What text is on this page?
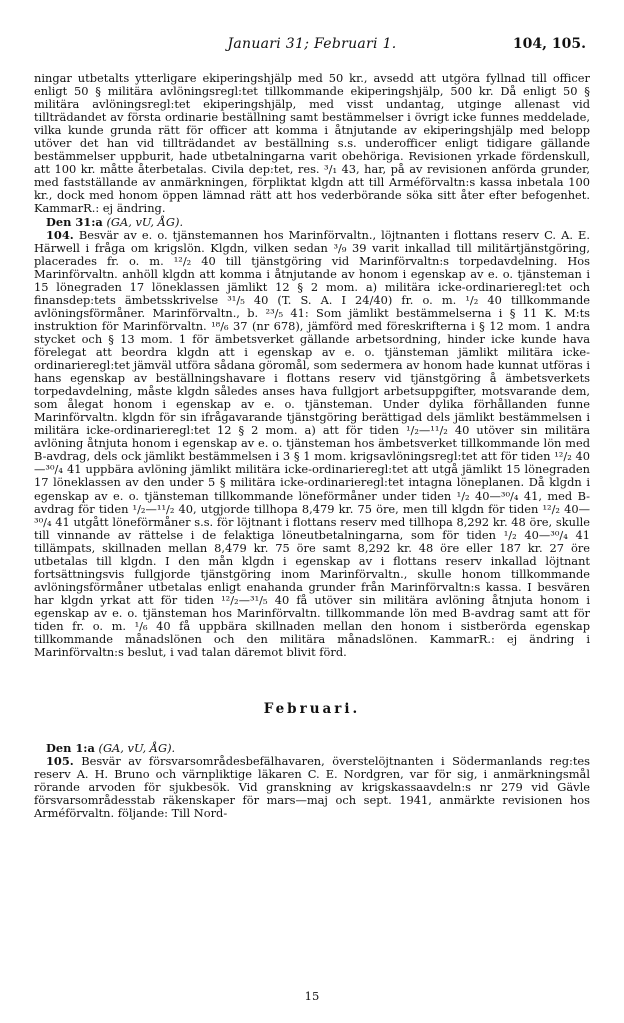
Januari 31; Februari 1.	104, 105.

ningar utbetalts ytterligare ekiperingshjälp med 50 kr., avsedd att utgöra fyllnad till officer enligt 50 § militära avlöningsregl:tet tillkommande ekiperingshjälp, 500 kr. Då enligt 50 § militära avlöningsregl:tet ekiperingshjälp, med visst undantag, utginge allenast vid tillträdandet av första ordinarie beställning samt bestämmelser i övrigt icke funnes meddelade, vilka kunde grunda rätt för officer att komma i åtnjutande av ekiperingshjälp med belopp utöver det han vid tillträdandet av beställning s.s. underofficer enligt tidigare gällande bestämmelser uppburit, hade utbetalningarna varit obehöriga. Revisionen yrkade fördenskull, att 100 kr. måtte återbetalas. Civila dep:tet, res. ³/₁ 43, har, på av revisionen anförda grunder, med fastställande av anmärkningen, förpliktat klgdn att till Arméförvaltn:s kassa inbetala 100 kr., dock med honom öppen lämnad rätt att hos vederbörande söka sitt åter efter befogenhet. KammarR.: ej ändring.

Den 31:a (GA, vU, ÅG).

104. Besvär av e. o. tjänstemannen hos Marinförvaltn., löjtnanten i flottans reserv C. A. E. Härwell i fråga om krigslön. Klgdn, vilken sedan ³/₉ 39 varit inkallad till militärtjänstgöring, placerades fr. o. m. ¹²/₂ 40 till tjänstgöring vid Marinförvaltn:s torpedavdelning. Hos Marinförvaltn. anhöll klgdn att komma i åtnjutande av honom i egenskap av e. o. tjänsteman i 15 lönegraden 17 löneklassen jämlikt 12 § 2 mom. a) militära icke-ordinarieregl:tet och finansdep:tets ämbetsskrivelse ³¹/₅ 40 (T. S. A. I 24/40) fr. o. m. ¹/₂ 40 tillkommande avlöningsförmåner. Marinförvaltn., b. ²³/₅ 41: Som jämlikt bestämmelserna i § 11 K. M:ts instruktion för Marinförvaltn. ¹⁸/₆ 37 (nr 678), jämförd med föreskrifterna i § 12 mom. 1 andra stycket och § 13 mom. 1 för ämbetsverket gällande arbetsordning, hinder icke kunde hava förelegat att beordra klgdn att i egenskap av e. o. tjänsteman jämlikt militära icke-ordinarieregl:tet jämväl utföra sådana göromål, som sedermera av honom hade kunnat utföras i hans egenskap av beställningshavare i flottans reserv vid tjänstgöring å ämbetsverkets torpedavdelning, måste klgdn således anses hava fullgjort arbetsuppgifter, motsvarande dem, som ålegat honom i egenskap av e. o. tjänsteman. Under dylika förhållanden funne Marinförvaltn. klgdn för sin ifrågavarande tjänstgöring berättigad dels jämlikt bestämmelsen i militära icke-ordinarieregl:tet 12 § 2 mom. a) att för tiden ¹/₂—¹¹/₂ 40 utöver sin militära avlöning åtnjuta honom i egenskap av e. o. tjänsteman hos ämbetsverket tillkommande lön med B-avdrag, dels ock jämlikt bestämmelsen i 3 § 1 mom. krigsavlöningsregl:tet att för tiden ¹²/₂ 40—³⁰/₄ 41 uppbära avlöning jämlikt militära icke-ordinarieregl:tet att utgå jämlikt 15 lönegraden 17 löneklassen av den under 5 § militära icke-ordinarieregl:tet intagna löneplanen. Då klgdn i egenskap av e. o. tjänsteman tillkommande löneförmåner under tiden ¹/₂ 40—³⁰/₄ 41, med B-avdrag för tiden ¹/₂—¹¹/₂ 40, utgjorde tillhopa 8,479 kr. 75 öre, men till klgdn för tiden ¹²/₂ 40—³⁰/₄ 41 utgått löneförmåner s.s. för löjtnant i flottans reserv med tillhopa 8,292 kr. 48 öre, skulle till vinnande av rättelse i de felaktiga löneutbetalningarna, som för tiden ¹/₂ 40—³⁰/₄ 41 tillämpats, skillnaden mellan 8,479 kr. 75 öre samt 8,292 kr. 48 öre eller 187 kr. 27 öre utbetalas till klgdn. I den mån klgdn i egenskap av i flottans reserv inkallad löjtnant fortsättningsvis fullgjorde tjänstgöring inom Marinförvaltn., skulle honom tillkommande avlöningsförmåner utbetalas enligt enahanda grunder från Marinförvaltn:s kassa. I besvären har klgdn yrkat att för tiden ¹²/₂—³¹/₅ 40 få utöver sin militära avlöning åtnjuta honom i egenskap av e. o. tjänsteman hos Marinförvaltn. tillkommande lön med B-avdrag samt att för tiden fr. o. m. ¹/₆ 40 få uppbära skillnaden mellan den honom i sistberörda egenskap tillkommande månadslönen och den militära månadslönen. KammarR.: ej ändring i Marinförvaltn:s beslut, i vad talan däremot blivit förd.

Februari.

Den 1:a (GA, vU, ÅG).

105. Besvär av försvarsområdesbefälhavaren, överstelöjtnanten i Södermanlands reg:tes reserv A. H. Bruno och värnpliktige läkaren C. E. Nordgren, var för sig, i anmärkningsmål rörande arvoden för sjukbesök. Vid granskning av krigskassaavdeln:s nr 279 vid Gävle försvarsområdesstab räkenskaper för mars—maj och sept. 1941, anmärkte revisionen hos Arméförvaltn. följande: Till Nord-

15
